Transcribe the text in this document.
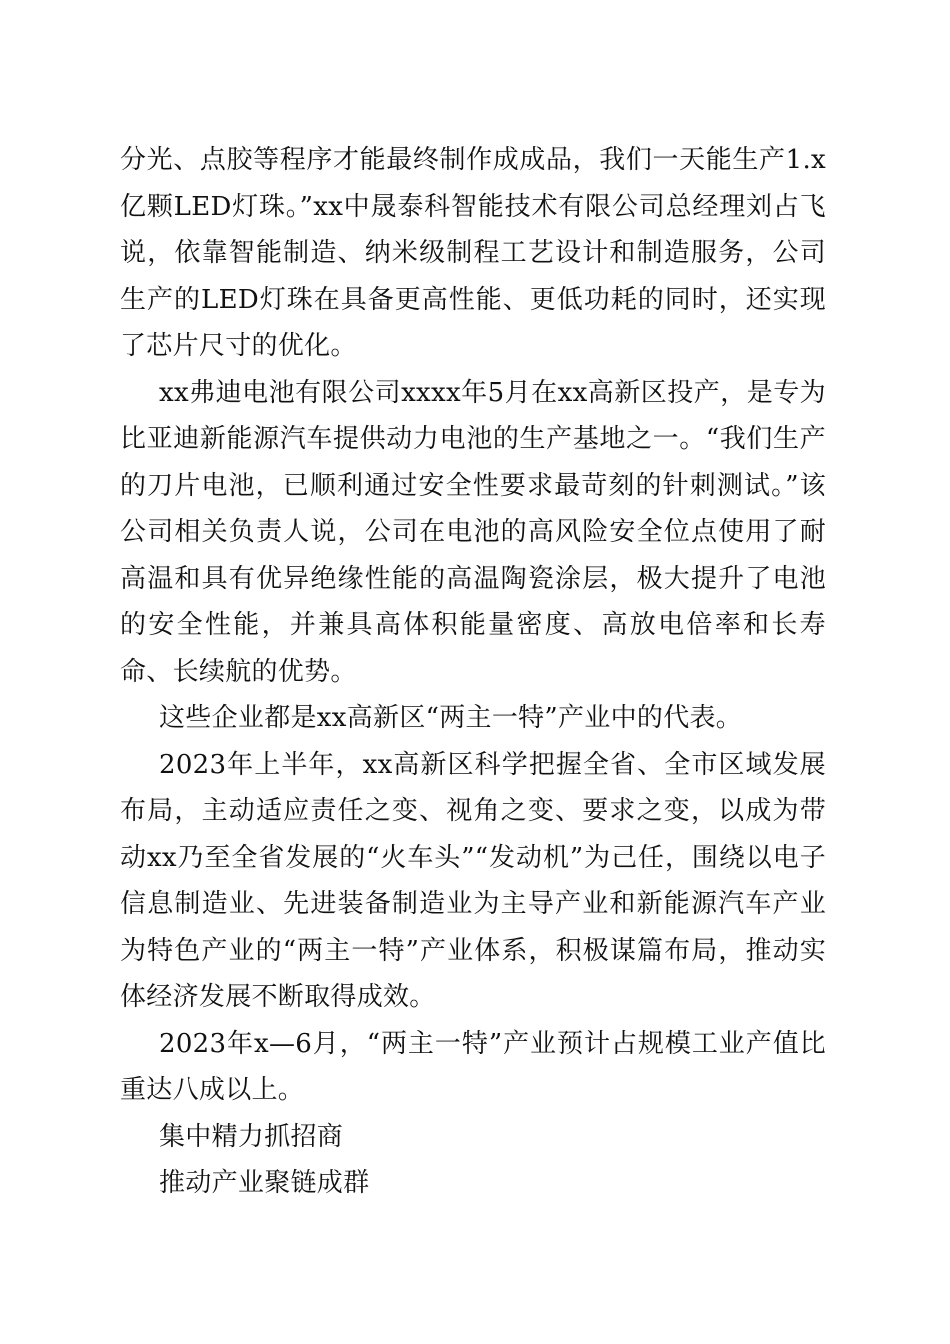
分光、点胶等程序才能最终制作成成品，我们一天能生产1.x亿颗LED灯珠。”xx中晟泰科智能技术有限公司总经理刘占飞说，依靠智能制造、纳米级制程工艺设计和制造服务，公司生产的LED灯珠在具备更高性能、更低功耗的同时，还实现了芯片尺寸的优化。

xx弗迪电池有限公司xxxx年5月在xx高新区投产，是专为比亚迪新能源汽车提供动力电池的生产基地之一。“我们生产的刀片电池，已顺利通过安全性要求最苛刻的针刺测试。”该公司相关负责人说，公司在电池的高风险安全位点使用了耐高温和具有优异绝缘性能的高温陶瓷涂层，极大提升了电池的安全性能，并兼具高体积能量密度、高放电倍率和长寿命、长续航的优势。

这些企业都是xx高新区“两主一特”产业中的代表。

2023年上半年，xx高新区科学把握全省、全市区域发展布局，主动适应责任之变、视角之变、要求之变，以成为带动xx乃至全省发展的“火车头”“发动机”为己任，围绕以电子信息制造业、先进装备制造业为主导产业和新能源汽车产业为特色产业的“两主一特”产业体系，积极谋篇布局，推动实体经济发展不断取得成效。

2023年x—6月，“两主一特”产业预计占规模工业产值比重达八成以上。

集中精力抓招商

推动产业聚链成群
